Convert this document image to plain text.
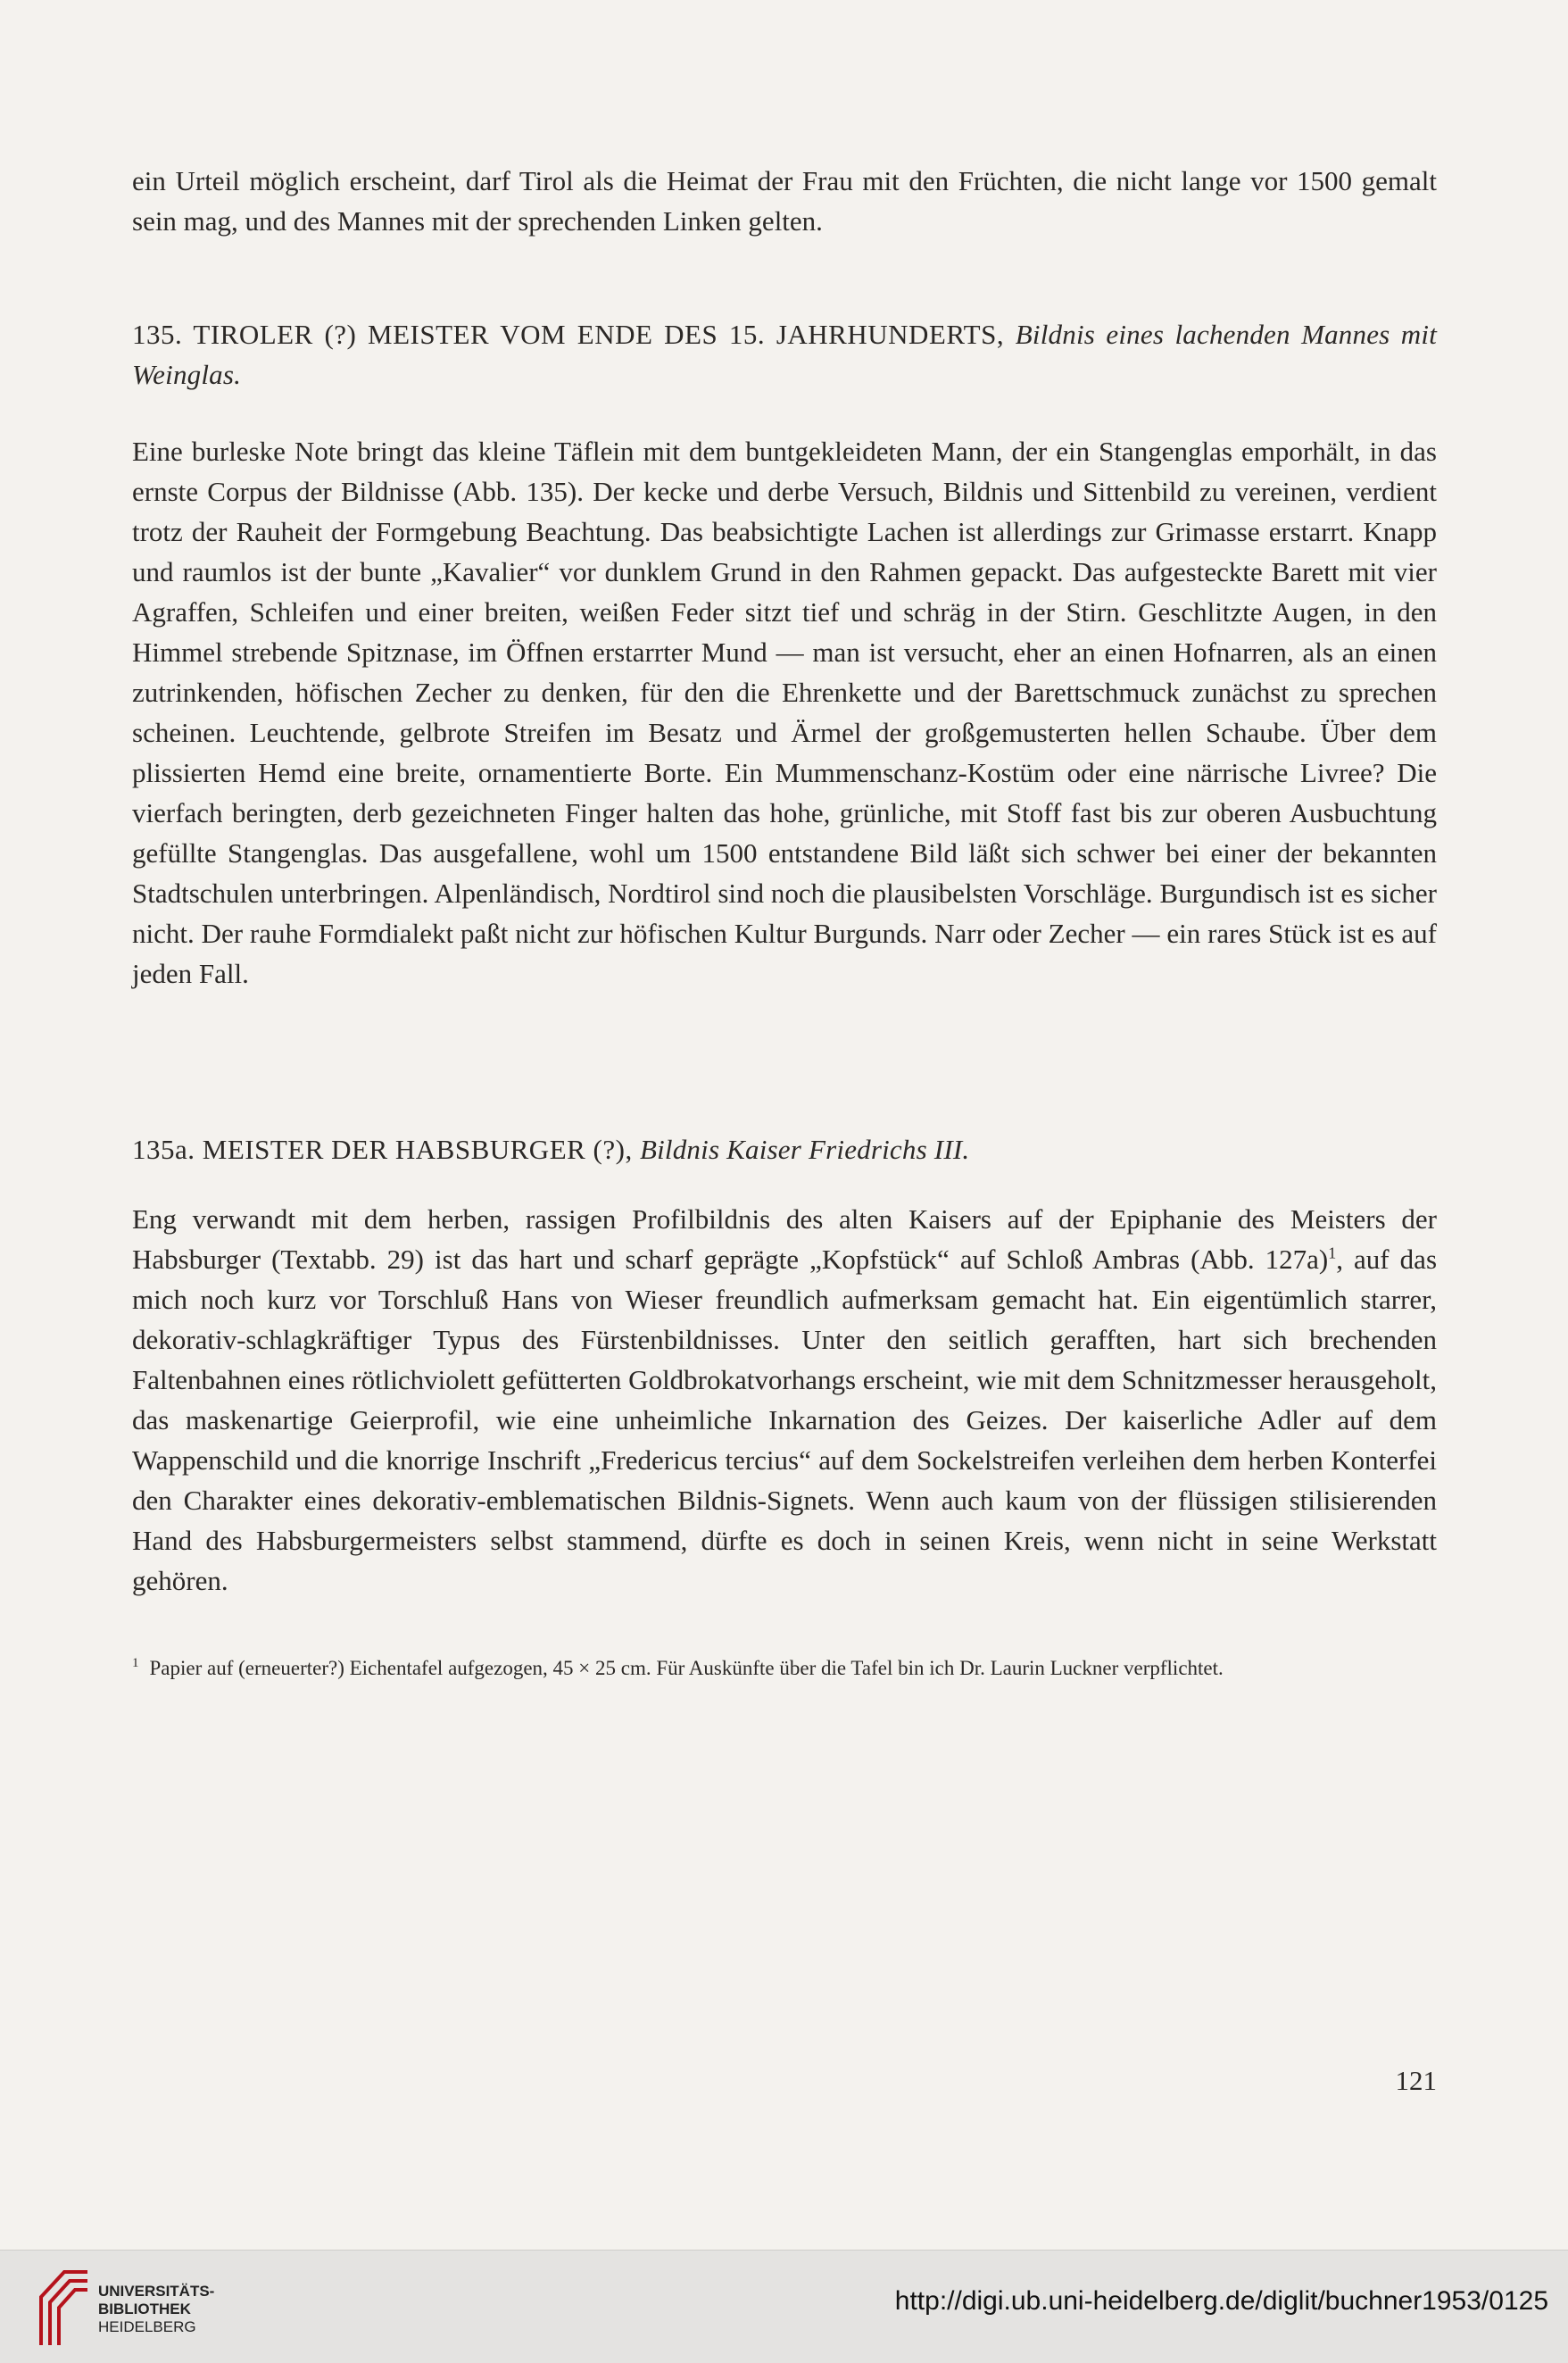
ein Urteil möglich erscheint, darf Tirol als die Heimat der Frau mit den Früchten, die nicht lange vor 1500 gemalt sein mag, und des Mannes mit der sprechenden Linken gelten.

135. TIROLER (?) MEISTER VOM ENDE DES 15. JAHRHUNDERTS, Bildnis eines lachenden Mannes mit Weinglas.

Eine burleske Note bringt das kleine Täflein mit dem buntgekleideten Mann, der ein Stangenglas emporhält, in das ernste Corpus der Bildnisse (Abb. 135). Der kecke und derbe Versuch, Bildnis und Sittenbild zu vereinen, verdient trotz der Rauheit der Formgebung Beachtung. Das beabsichtigte Lachen ist allerdings zur Grimasse erstarrt. Knapp und raumlos ist der bunte „Kavalier“ vor dunklem Grund in den Rahmen gepackt. Das aufgesteckte Barett mit vier Agraffen, Schleifen und einer breiten, weißen Feder sitzt tief und schräg in der Stirn. Geschlitzte Augen, in den Himmel strebende Spitznase, im Öffnen erstarrter Mund — man ist versucht, eher an einen Hofnarren, als an einen zutrinkenden, höfischen Zecher zu denken, für den die Ehrenkette und der Barettschmuck zunächst zu sprechen scheinen. Leuchtende, gelbrote Streifen im Besatz und Ärmel der großgemusterten hellen Schaube. Über dem plissierten Hemd eine breite, ornamentierte Borte. Ein Mummenschanz-Kostüm oder eine närrische Livree? Die vierfach beringten, derb gezeichneten Finger halten das hohe, grünliche, mit Stoff fast bis zur oberen Ausbuchtung gefüllte Stangenglas. Das ausgefallene, wohl um 1500 entstandene Bild läßt sich schwer bei einer der bekannten Stadtschulen unterbringen. Alpenländisch, Nordtirol sind noch die plausibelsten Vorschläge. Burgundisch ist es sicher nicht. Der rauhe Formdialekt paßt nicht zur höfischen Kultur Burgunds. Narr oder Zecher — ein rares Stück ist es auf jeden Fall.

135a. MEISTER DER HABSBURGER (?), Bildnis Kaiser Friedrichs III.

Eng verwandt mit dem herben, rassigen Profilbildnis des alten Kaisers auf der Epiphanie des Meisters der Habsburger (Textabb. 29) ist das hart und scharf geprägte „Kopfstück“ auf Schloß Ambras (Abb. 127a)$^1$, auf das mich noch kurz vor Torschluß Hans von Wieser freundlich aufmerksam gemacht hat. Ein eigentümlich starrer, dekorativ-schlagkräftiger Typus des Fürstenbildnisses. Unter den seitlich gerafften, hart sich brechenden Faltenbahnen eines rötlichviolett gefütterten Goldbrokatvorhangs erscheint, wie mit dem Schnitzmesser herausgeholt, das maskenartige Geierprofil, wie eine unheimliche Inkarnation des Geizes. Der kaiserliche Adler auf dem Wappenschild und die knorrige Inschrift „Fredericus tercius“ auf dem Sockelstreifen verleihen dem herben Konterfei den Charakter eines dekorativ-emblematischen Bildnis-Signets. Wenn auch kaum von der flüssigen stilisierenden Hand des Habsburgermeisters selbst stammend, dürfte es doch in seinen Kreis, wenn nicht in seine Werkstatt gehören.

$^1$ Papier auf (erneuerter?) Eichentafel aufgezogen, 45 × 25 cm. Für Auskünfte über die Tafel bin ich Dr. Laurin Luckner verpflichtet.
121
UNIVERSITÄTS-
BIBLIOTHEK
HEIDELBERG
http://digi.ub.uni-heidelberg.de/diglit/buchner1953/0125
